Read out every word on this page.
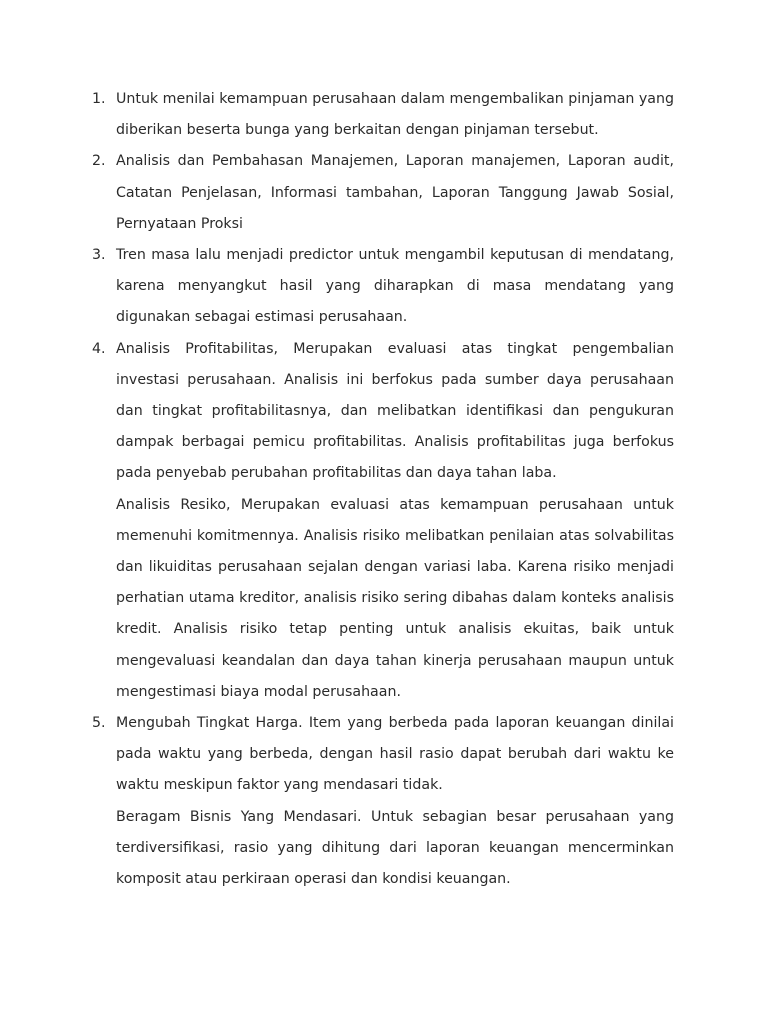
1. Untuk menilai kemampuan perusahaan dalam mengembalikan pinjaman yang diberikan beserta bunga yang berkaitan dengan pinjaman tersebut.

2. Analisis dan Pembahasan Manajemen, Laporan manajemen, Laporan audit, Catatan Penjelasan, Informasi tambahan, Laporan Tanggung Jawab Sosial, Pernyataan Proksi

3. Tren masa lalu menjadi predictor untuk mengambil keputusan di mendatang, karena menyangkut hasil yang diharapkan di masa mendatang yang digunakan sebagai estimasi perusahaan.

4. Analisis Profitabilitas, Merupakan evaluasi atas tingkat pengembalian investasi perusahaan. Analisis ini berfokus pada sumber daya perusahaan dan tingkat profitabilitasnya, dan melibatkan identifikasi dan pengukuran dampak berbagai pemicu profitabilitas. Analisis profitabilitas juga berfokus pada penyebab perubahan profitabilitas dan daya tahan laba.

Analisis Resiko, Merupakan evaluasi atas kemampuan perusahaan untuk memenuhi komitmennya. Analisis risiko melibatkan penilaian atas solvabilitas dan likuiditas perusahaan sejalan dengan variasi laba. Karena risiko menjadi perhatian utama kreditor, analisis risiko sering dibahas dalam konteks analisis kredit. Analisis risiko tetap penting untuk analisis ekuitas, baik untuk mengevaluasi keandalan dan daya tahan kinerja perusahaan maupun untuk mengestimasi biaya modal perusahaan.

5. Mengubah Tingkat Harga. Item yang berbeda pada laporan keuangan dinilai pada waktu yang berbeda, dengan hasil rasio dapat berubah dari waktu ke waktu meskipun faktor yang mendasari tidak.

Beragam Bisnis Yang Mendasari. Untuk sebagian besar perusahaan yang terdiversifikasi, rasio yang dihitung dari laporan keuangan mencerminkan komposit atau perkiraan operasi dan kondisi keuangan.
